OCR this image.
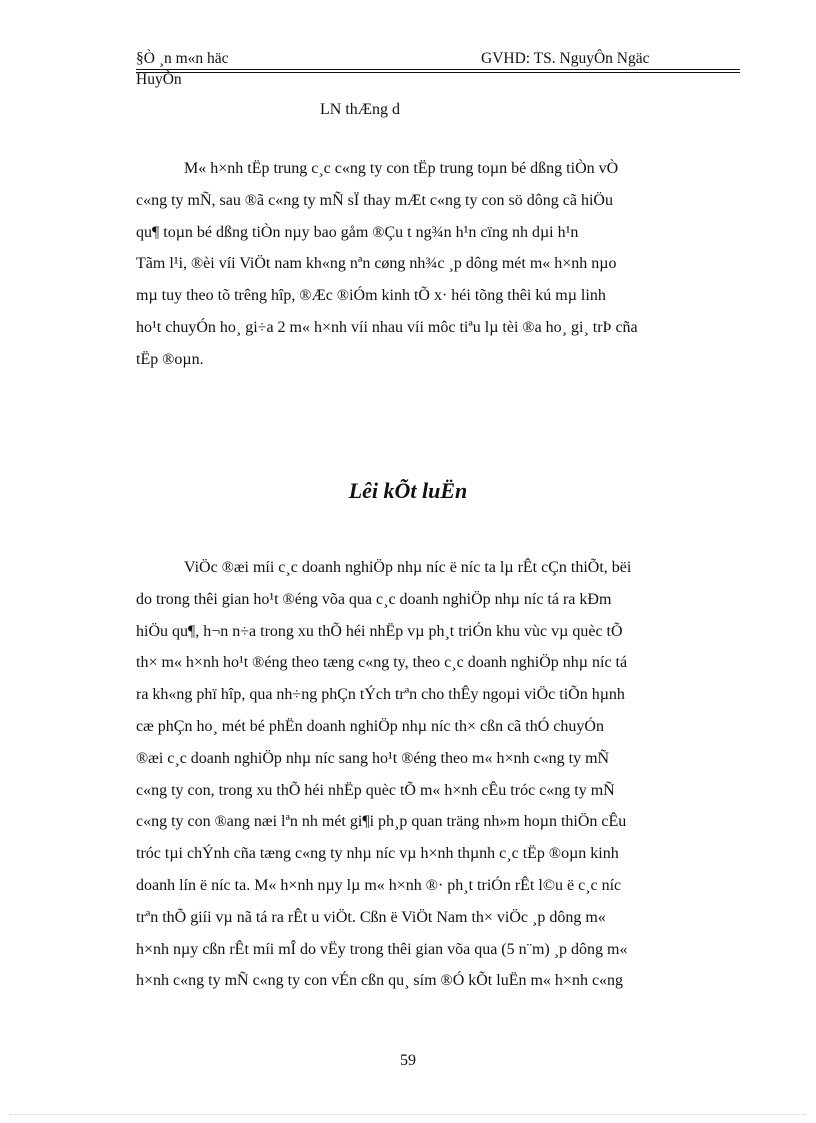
§Ò ¸n m«n häc	GVHD: TS. NguyÔn Ngäc
HuyÒn
LN thÆng d
M« h×nh tËp trung c¸c c«ng ty con tËp trung toµn bé dßng tiÒn vÒ
c«ng ty mÑ, sau ®ã c«ng ty mÑ sÏ thay mÆt c«ng ty con sö dông cã hiÖu
qu¶ toµn bé dßng tiÒn nµy bao gåm ®Çu t ng¾n h¹n cïng nh dµi h¹n
Tãm l¹i, ®èi víi ViÖt nam kh«ng nªn cøng nh¾c ¸p dông mét m« h×nh nµo
mµ tuy theo tõ trêng hîp, ®Æc ®iÓm kinh tÕ x· héi tõng thêi kú mµ linh
ho¹t chuyÓn ho¸ gi÷a 2 m« h×nh víi nhau víi môc tiªu lµ tèi ®a ho¸ gi¸ trÞ cña
tËp ®oµn.
Lêi kÕt luËn
ViÖc ®æi míi c¸c doanh nghiÖp nhµ níc ë níc ta lµ rÊt cÇn thiÕt, bëi
do trong thêi gian ho¹t ®éng võa qua c¸c doanh nghiÖp nhµ níc tá ra kÐm
hiÖu qu¶, h¬n n÷a trong xu thÕ héi nhËp vµ ph¸t triÓn khu vùc vµ quèc tÕ
th× m« h×nh ho¹t ®éng theo tæng c«ng ty, theo c¸c doanh nghiÖp nhµ níc tá
ra kh«ng phï hîp, qua nh÷ng phÇn tÝch trªn cho thÊy ngoµi viÖc tiÕn hµnh
cæ phÇn ho¸ mét bé phËn doanh nghiÖp nhµ níc th× cßn cã thÓ chuyÓn
®æi c¸c doanh nghiÖp nhµ níc sang ho¹t ®éng theo m« h×nh c«ng ty mÑ
c«ng ty con, trong xu thÕ héi nhËp quèc tÕ m« h×nh cÊu tróc c«ng ty mÑ
c«ng ty con ®ang næi lªn nh mét gi¶i ph¸p quan träng nh»m hoµn thiÖn cÊu
tróc tµi chÝnh cña tæng c«ng ty nhµ níc vµ h×nh thµnh c¸c tËp ®oµn kinh
doanh lín ë níc ta. M« h×nh nµy lµ m« h×nh ®· ph¸t triÓn rÊt l©u ë c¸c níc
trªn thÕ giíi vµ nã tá ra rÊt u viÖt. Cßn ë ViÖt Nam th× viÖc ¸p dông m«
h×nh nµy cßn rÊt míi mÎ do vËy trong thêi gian võa qua (5 n¨m) ¸p dông m«
h×nh c«ng ty mÑ c«ng ty con vÉn cßn qu¸ sím ®Ó kÕt luËn m« h×nh c«ng
59
